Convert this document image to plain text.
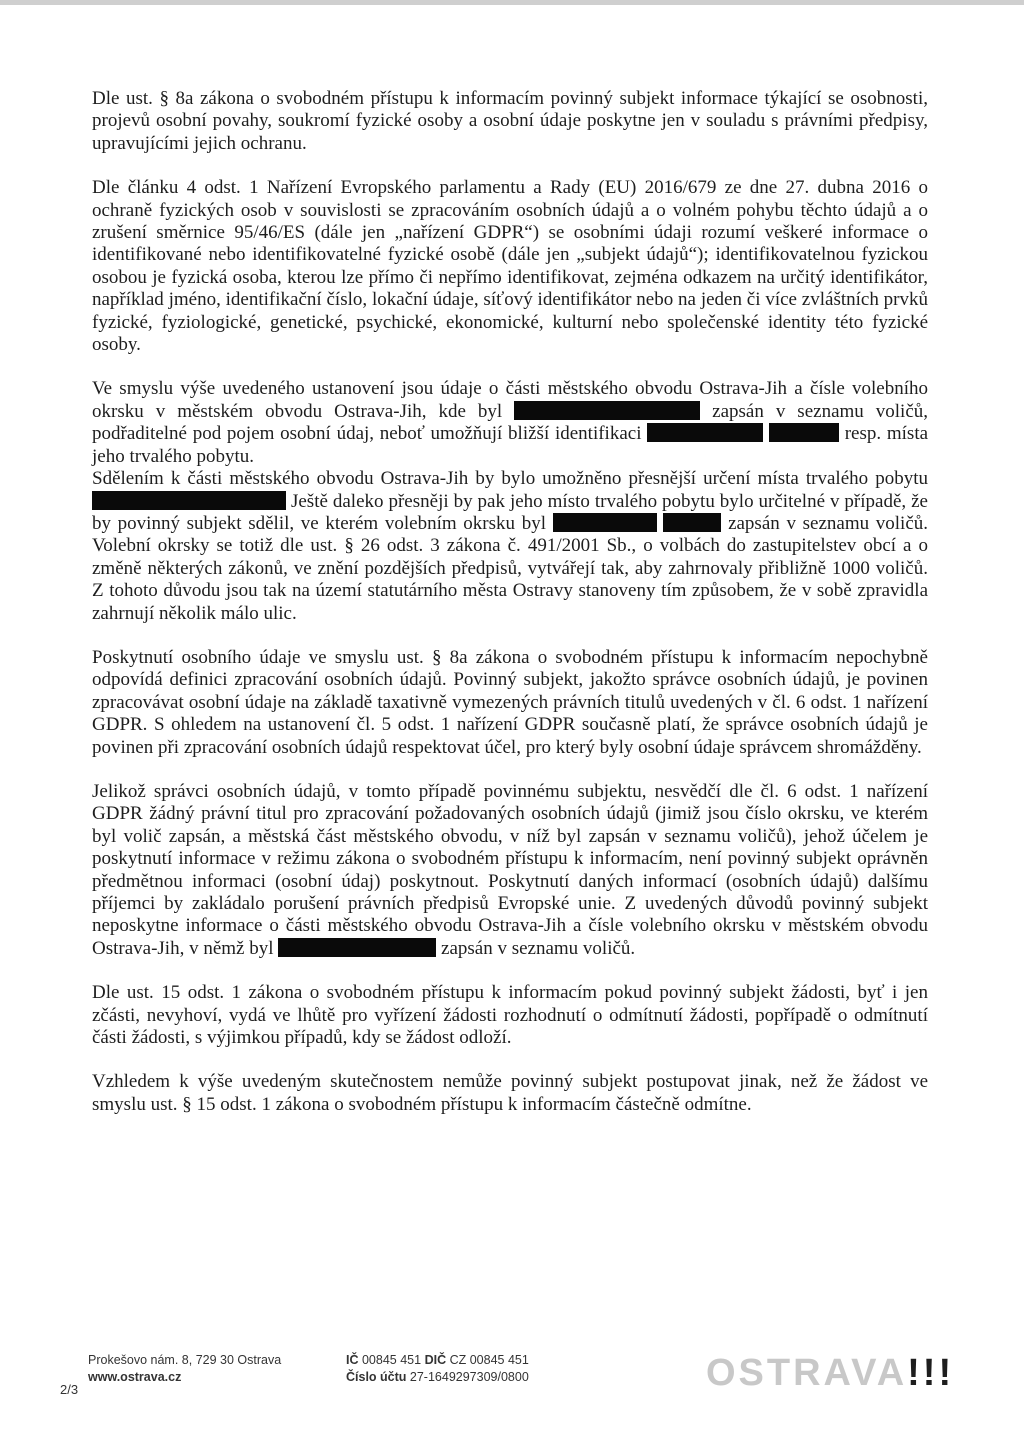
Dle ust. § 8a zákona o svobodném přístupu k informacím povinný subjekt informace týkající se osobnosti, projevů osobní povahy, soukromí fyzické osoby a osobní údaje poskytne jen v souladu s právními předpisy, upravujícími jejich ochranu.

Dle článku 4 odst. 1 Nařízení Evropského parlamentu a Rady (EU) 2016/679 ze dne 27. dubna 2016 o ochraně fyzických osob v souvislosti se zpracováním osobních údajů a o volném pohybu těchto údajů a o zrušení směrnice 95/46/ES (dále jen „nařízení GDPR“) se osobními údaji rozumí veškeré informace o identifikované nebo identifikovatelné fyzické osobě (dále jen „subjekt údajů“); identifikovatelnou fyzickou osobou je fyzická osoba, kterou lze přímo či nepřímo identifikovat, zejména odkazem na určitý identifikátor, například jméno, identifikační číslo, lokační údaje, síťový identifikátor nebo na jeden či více zvláštních prvků fyzické, fyziologické, genetické, psychické, ekonomické, kulturní nebo společenské identity této fyzické osoby.

Ve smyslu výše uvedeného ustanovení jsou údaje o části městského obvodu Ostrava-Jih a čísle volebního okrsku v městském obvodu Ostrava-Jih, kde byl	zapsán v seznamu voličů, podřaditelné pod pojem osobní údaj, neboť umožňují bližší identifikaci	resp. místa jeho trvalého pobytu.

Sdělením k části městského obvodu Ostrava-Jih by bylo umožněno přesnější určení místa trvalého pobytu  Ještě daleko přesněji by pak jeho místo trvalého pobytu bylo určitelné v případě, že by povinný subjekt sdělil, ve kterém volebním okrsku byl	zapsán v seznamu voličů. Volební okrsky se totiž dle ust. § 26 odst. 3 zákona č. 491/2001 Sb., o volbách do zastupitelstev obcí a o změně některých zákonů, ve znění pozdějších předpisů, vytvářejí tak, aby zahrnovaly přibližně 1000 voličů. Z tohoto důvodu jsou tak na území statutárního města Ostravy stanoveny tím způsobem, že v sobě zpravidla zahrnují několik málo ulic.

Poskytnutí osobního údaje ve smyslu ust. § 8a zákona o svobodném přístupu k informacím nepochybně odpovídá definici zpracování osobních údajů. Povinný subjekt, jakožto správce osobních údajů, je povinen zpracovávat osobní údaje na základě taxativně vymezených právních titulů uvedených v čl. 6 odst. 1 nařízení GDPR. S ohledem na ustanovení čl. 5 odst. 1 nařízení GDPR současně platí, že správce osobních údajů je povinen při zpracování osobních údajů respektovat účel, pro který byly osobní údaje správcem shromážděny.

Jelikož správci osobních údajů, v tomto případě povinnému subjektu, nesvědčí dle čl. 6 odst. 1 nařízení GDPR žádný právní titul pro zpracování požadovaných osobních údajů (jimiž jsou číslo okrsku, ve kterém byl volič zapsán, a městská část městského obvodu, v níž byl zapsán v seznamu voličů), jehož účelem je poskytnutí informace v režimu zákona o svobodném přístupu k informacím, není povinný subjekt oprávněn předmětnou informaci (osobní údaj) poskytnout. Poskytnutí daných informací (osobních údajů) dalšímu příjemci by zakládalo porušení právních předpisů Evropské unie. Z uvedených důvodů povinný subjekt neposkytne informace o části městského obvodu Ostrava-Jih a čísle volebního okrsku v městském obvodu Ostrava-Jih, v němž byl	zapsán v seznamu voličů.

Dle ust. 15 odst. 1 zákona o svobodném přístupu k informacím pokud povinný subjekt žádosti, byť i jen zčásti, nevyhoví, vydá ve lhůtě pro vyřízení žádosti rozhodnutí o odmítnutí žádosti, popřípadě o odmítnutí části žádosti, s výjimkou případů, kdy se žádost odloží.

Vzhledem k výše uvedeným skutečnostem nemůže povinný subjekt postupovat jinak, než že žádost ve smyslu ust. § 15 odst. 1 zákona o svobodném přístupu k informacím částečně odmítne.

2/3
Prokešovo nám. 8, 729 30 Ostrava
www.ostrava.cz
IČ 00845 451 DIČ CZ 00845 451
Číslo účtu 27-1649297309/0800	OSTRAVA!!!
